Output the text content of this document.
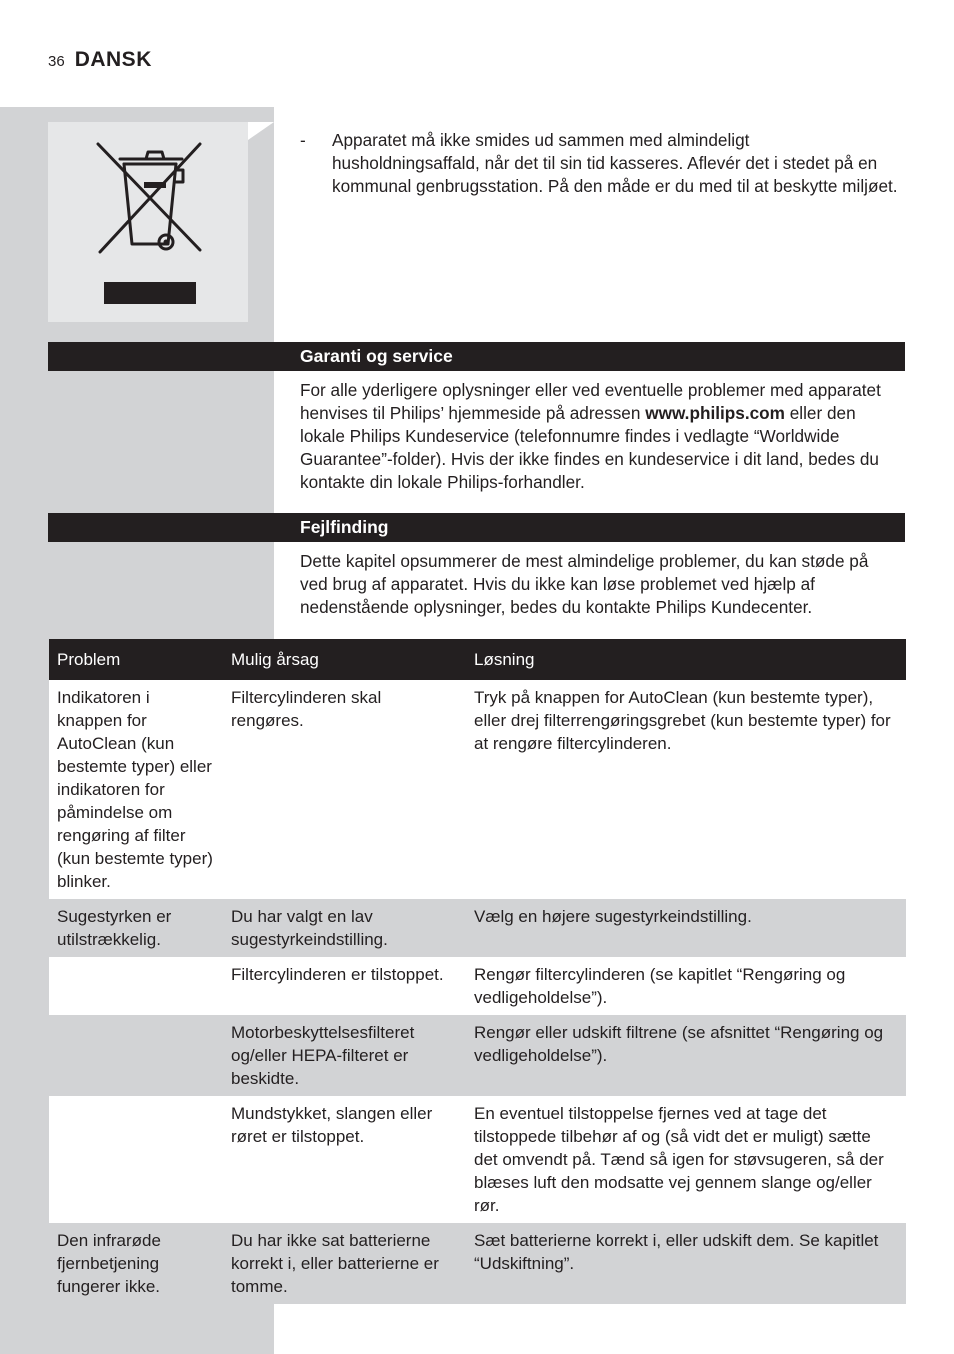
36 DANSK
- Apparatet må ikke smides ud sammen med almindeligt husholdningsaffald, når det til sin tid kasseres. Aflevér det i stedet på en kommunal genbrugsstation. På den måde er du med til at beskytte miljøet.
Garanti og service
For alle yderligere oplysninger eller ved eventuelle problemer med apparatet henvises til Philips’ hjemmeside på adressen www.philips.com eller den lokale Philips Kundeservice (telefonnumre findes i vedlagte “Worldwide Guarantee”-folder). Hvis der ikke findes en kundeservice i dit land, bedes du kontakte din lokale Philips-forhandler.
Fejlfinding
Dette kapitel opsummerer de mest almindelige problemer, du kan støde på ved brug af apparatet. Hvis du ikke kan løse problemet ved hjælp af nedenstående oplysninger, bedes du kontakte Philips Kundecenter.
Problem	Mulig årsag	Løsning
Indikatoren i knappen for AutoClean (kun bestemte typer) eller indikatoren for påmindelse om rengøring af filter (kun bestemte typer) blinker.	Filtercylinderen skal rengøres.	Tryk på knappen for AutoClean (kun bestemte typer), eller drej filterrengøringsgrebet (kun bestemte typer) for at rengøre filtercylinderen.
Sugestyrken er utilstrækkelig.	Du har valgt en lav sugestyrkeindstilling.	Vælg en højere sugestyrkeindstilling.
	Filtercylinderen er tilstoppet.	Rengør filtercylinderen (se kapitlet “Rengøring og vedligeholdelse”).
	Motorbeskyttelsesfilteret og/eller HEPA-filteret er beskidte.	Rengør eller udskift filtrene (se afsnittet “Rengøring og vedligeholdelse”).
	Mundstykket, slangen eller røret er tilstoppet.	En eventuel tilstoppelse fjernes ved at tage det tilstoppede tilbehør af og (så vidt det er muligt) sætte det omvendt på. Tænd så igen for støvsugeren, så der blæses luft den modsatte vej gennem slange og/eller rør.
Den infrarøde fjernbetjening fungerer ikke.	Du har ikke sat batterierne korrekt i, eller batterierne er tomme.	Sæt batterierne korrekt i, eller udskift dem. Se kapitlet “Udskiftning”.
